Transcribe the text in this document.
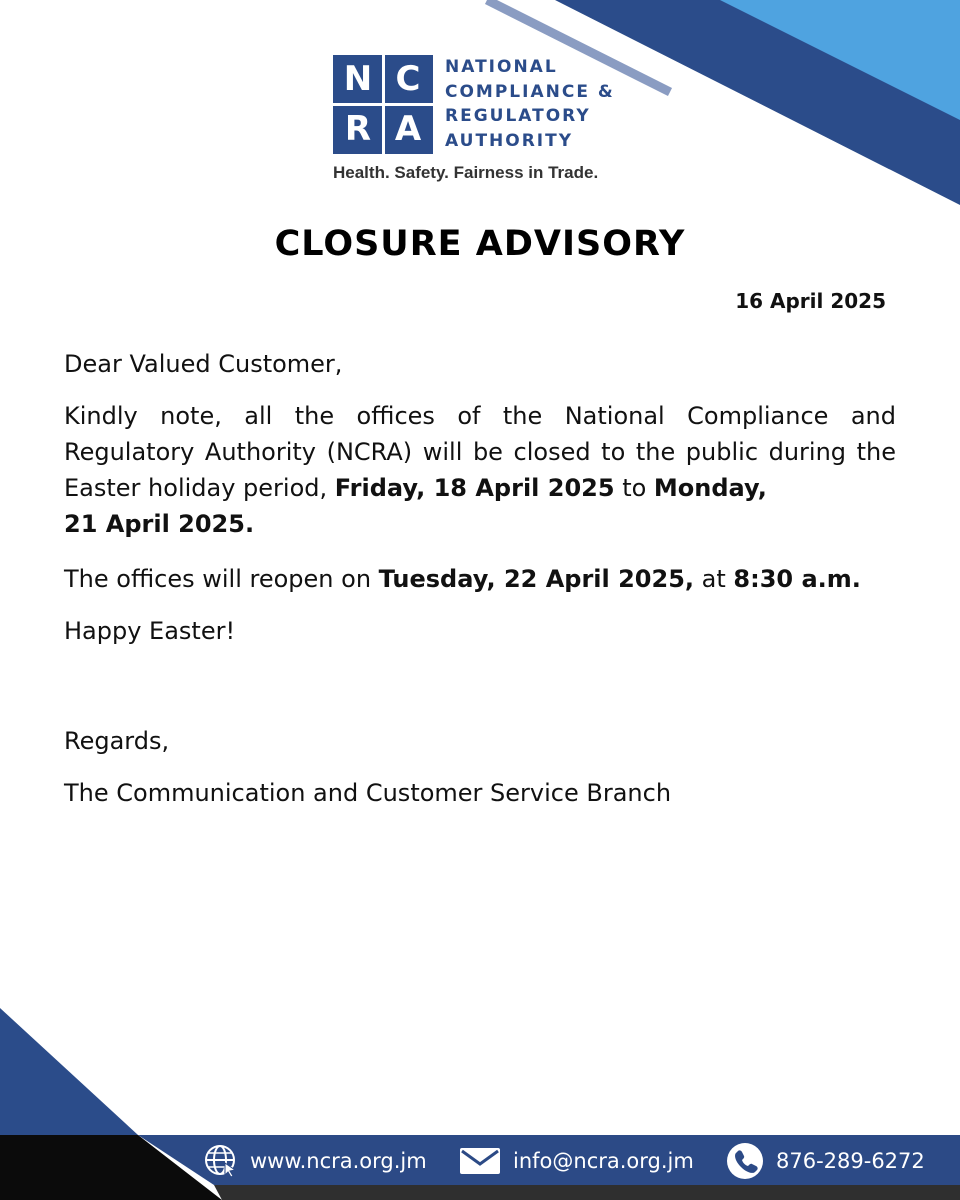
N C
R A
NATIONAL
COMPLIANCE &
REGULATORY
AUTHORITY
Health. Safety. Fairness in Trade.
CLOSURE ADVISORY
16 April 2025

Dear Valued Customer,

Kindly note, all the offices of the National Compliance and Regulatory Authority (NCRA) will be closed to the public during the Easter holiday period, Friday, 18 April 2025 to Monday,
21 April 2025.

The offices will reopen on Tuesday, 22 April 2025, at 8:30 a.m.

Happy Easter!

Regards,

The Communication and Customer Service Branch

www.ncra.org.jm	info@ncra.org.jm	876-289-6272
